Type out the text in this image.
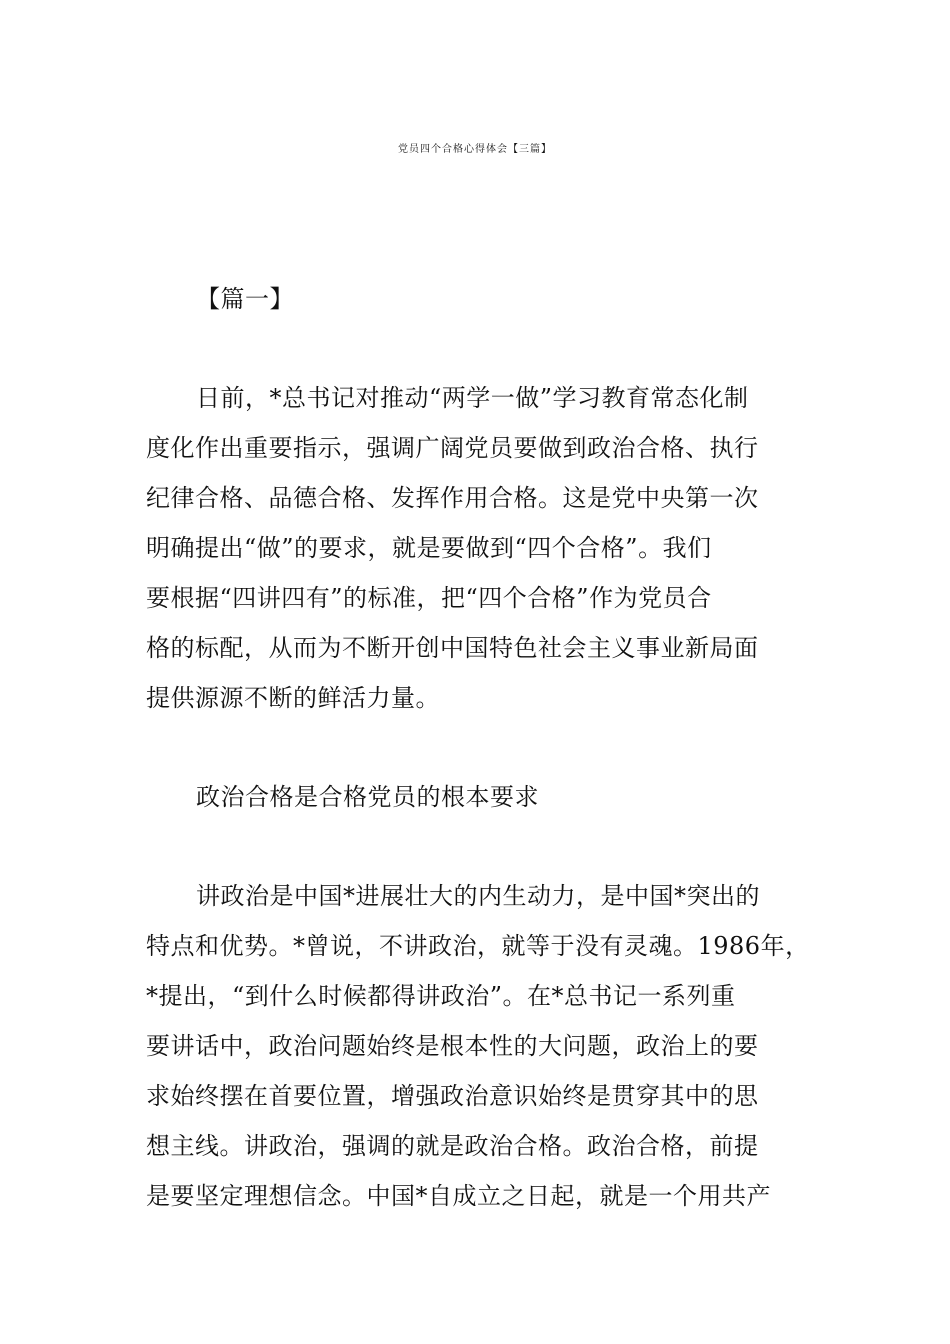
党员四个合格心得体会【三篇】

【篇一】

日前，*总书记对推动“两学一做”学习教育常态化制

度化作出重要指示，强调广阔党员要做到政治合格、执行

纪律合格、品德合格、发挥作用合格。这是党中央第一次

明确提出“做”的要求，就是要做到“四个合格”。我们

要根据“四讲四有”的标准，把“四个合格”作为党员合

格的标配，从而为不断开创中国特色社会主义事业新局面

提供源源不断的鲜活力量。

政治合格是合格党员的根本要求

讲政治是中国*进展壮大的内生动力，是中国*突出的

特点和优势。*曾说，不讲政治，就等于没有灵魂。1986年，

*提出，“到什么时候都得讲政治”。在*总书记一系列重

要讲话中，政治问题始终是根本性的大问题，政治上的要

求始终摆在首要位置，增强政治意识始终是贯穿其中的思

想主线。讲政治，强调的就是政治合格。政治合格，前提

是要坚定理想信念。中国*自成立之日起，就是一个用共产
